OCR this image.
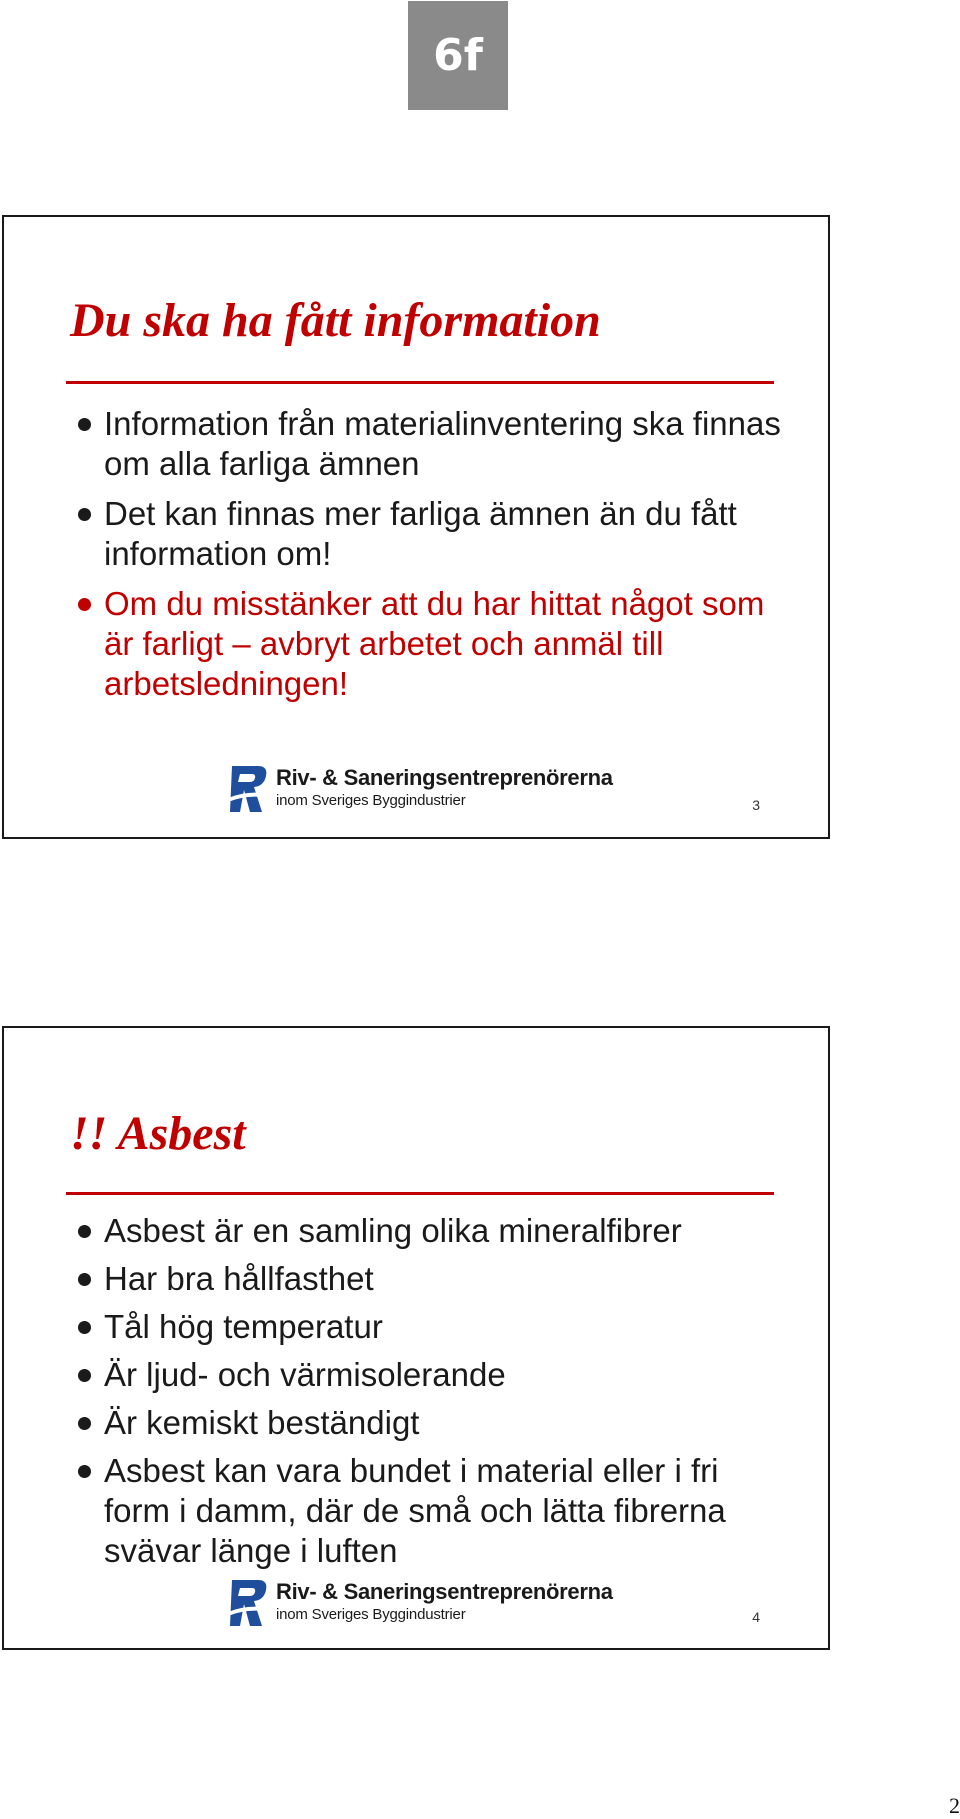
6f
Du ska ha fått information
Information från materialinventering ska finnas om alla farliga ämnen
Det kan finnas mer farliga ämnen än du fått information om!
Om du misstänker att du har hittat något som är farligt – avbryt arbetet och anmäl till arbetsledningen!
Riv- & Saneringsentreprenörerna
inom Sveriges Byggindustrier	3
!! Asbest
Asbest är en samling olika mineralfibrer
Har bra hållfasthet
Tål hög temperatur
Är ljud- och värmisolerande
Är kemiskt beständigt
Asbest kan vara bundet i material eller i fri form i damm, där de små och lätta fibrerna svävar länge i luften
Riv- & Saneringsentreprenörerna
inom Sveriges Byggindustrier	4
2
